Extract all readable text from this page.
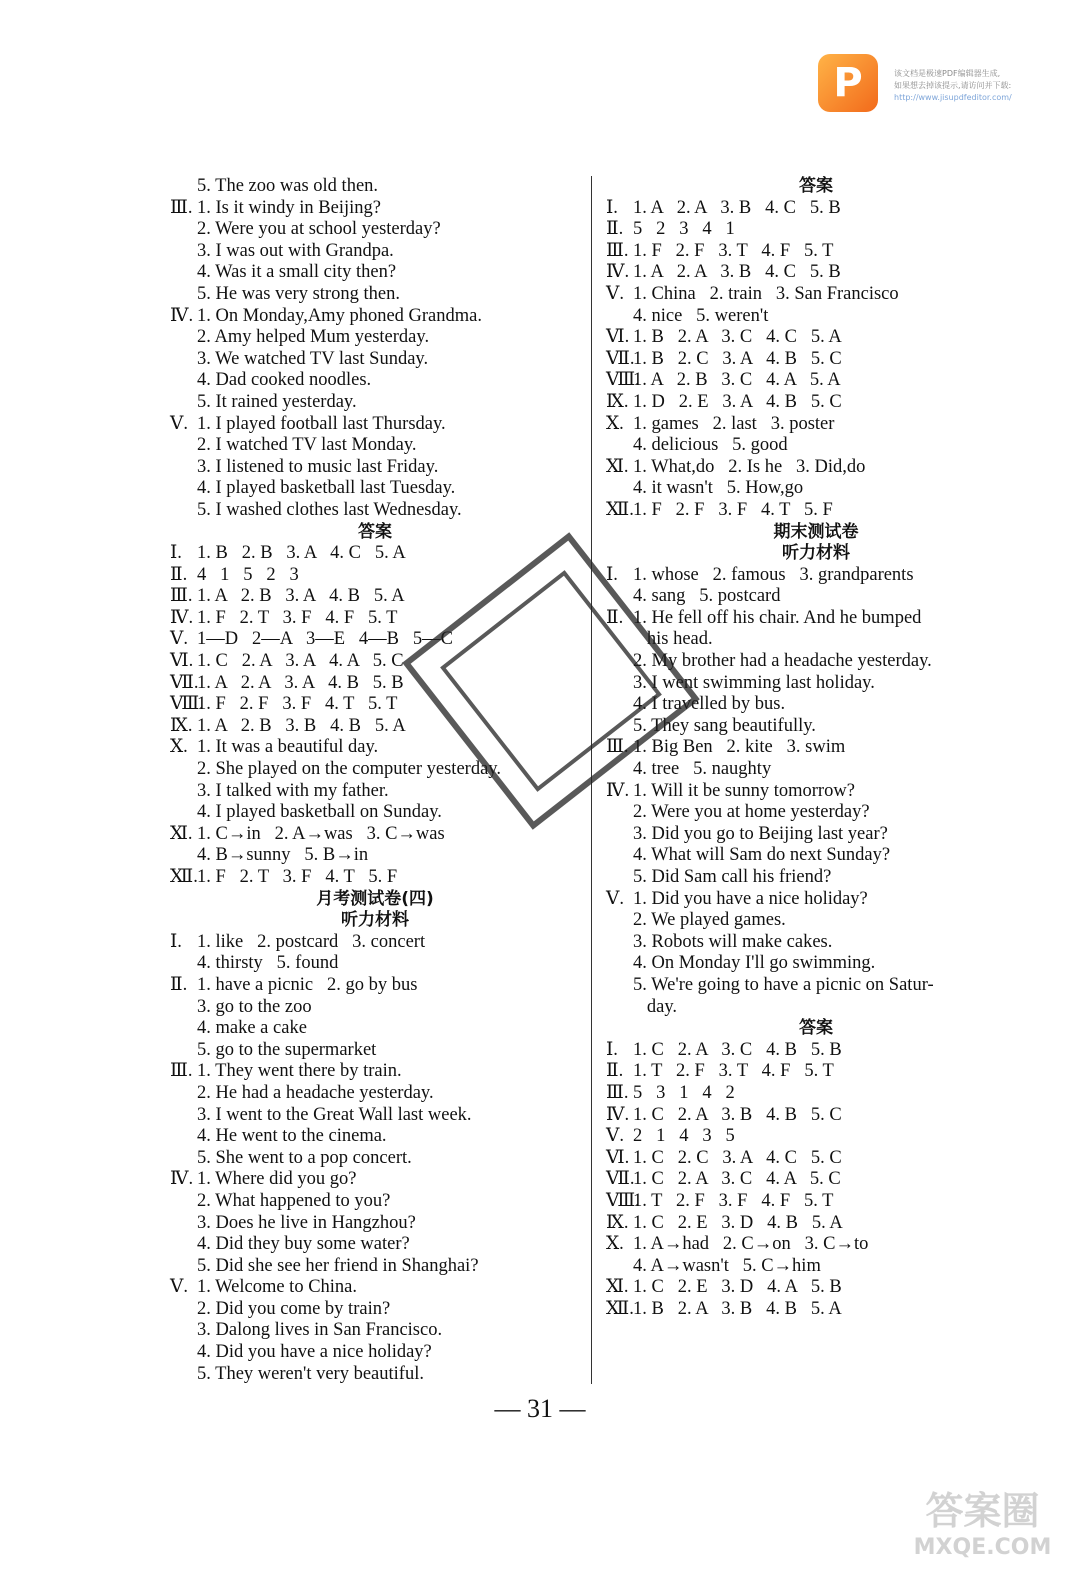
P	该文档是极速PDF编辑器生成,
如果想去掉该提示,请访问并下载:
http://www.jisupdfeditor.com/
5. The zoo was old then.
Ⅲ. 1. Is it windy in Beijing?
2. Were you at school yesterday?
3. I was out with Grandpa.
4. Was it a small city then?
5. He was very strong then.
Ⅳ. 1. On Monday,Amy phoned Grandma.
2. Amy helped Mum yesterday.
3. We watched TV last Sunday.
4. Dad cooked noodles.
5. It rained yesterday.
Ⅴ. 1. I played football last Thursday.
2. I watched TV last Monday.
3. I listened to music last Friday.
4. I played basketball last Tuesday.
5. I washed clothes last Wednesday.
答案
Ⅰ. 1. B   2. B   3. A   4. C   5. A
Ⅱ. 4   1   5   2   3
Ⅲ. 1. A   2. B   3. A   4. B   5. A
Ⅳ. 1. F   2. T   3. F   4. F   5. T
Ⅴ. 1—D   2—A   3—E   4—B   5—C
Ⅵ. 1. C   2. A   3. A   4. A   5. C
Ⅶ.1. A   2. A   3. A   4. B   5. B
Ⅷ.1. F   2. F   3. F   4. T   5. T
Ⅸ. 1. A   2. B   3. B   4. B   5. A
Ⅹ. 1. It was a beautiful day.
2. She played on the computer yesterday.
3. I talked with my father.
4. I played basketball on Sunday.
Ⅺ. 1. C→in   2. A→was   3. C→was
4. B→sunny   5. B→in
Ⅻ.1. F   2. T   3. F   4. T   5. F
月考测试卷(四)
听力材料
Ⅰ. 1. like   2. postcard   3. concert
4. thirsty   5. found
Ⅱ. 1. have a picnic   2. go by bus
3. go to the zoo
4. make a cake
5. go to the supermarket
Ⅲ. 1. They went there by train.
2. He had a headache yesterday.
3. I went to the Great Wall last week.
4. He went to the cinema.
5. She went to a pop concert.
Ⅳ. 1. Where did you go?
2. What happened to you?
3. Does he live in Hangzhou?
4. Did they buy some water?
5. Did she see her friend in Shanghai?
Ⅴ. 1. Welcome to China.
2. Did you come by train?
3. Dalong lives in San Francisco.
4. Did you have a nice holiday?
5. They weren't very beautiful.
答案
Ⅰ. 1. A   2. A   3. B   4. C   5. B
Ⅱ. 5   2   3   4   1
Ⅲ. 1. F   2. F   3. T   4. F   5. T
Ⅳ. 1. A   2. A   3. B   4. C   5. B
Ⅴ. 1. China   2. train   3. San Francisco
4. nice   5. weren't
Ⅵ. 1. B   2. A   3. C   4. C   5. A
Ⅶ.1. B   2. C   3. A   4. B   5. C
Ⅷ.1. A   2. B   3. C   4. A   5. A
Ⅸ. 1. D   2. E   3. A   4. B   5. C
Ⅹ. 1. games   2. last   3. poster
4. delicious   5. good
Ⅺ. 1. What,do   2. Is he   3. Did,do
4. it wasn't   5. How,go
Ⅻ.1. F   2. F   3. F   4. T   5. F
期末测试卷
听力材料
Ⅰ. 1. whose   2. famous   3. grandparents
4. sang   5. postcard
Ⅱ. 1. He fell off his chair. And he bumped
his head.
2. My brother had a headache yesterday.
3. I went swimming last holiday.
4. I travelled by bus.
5. They sang beautifully.
Ⅲ. 1. Big Ben   2. kite   3. swim
4. tree   5. naughty
Ⅳ. 1. Will it be sunny tomorrow?
2. Were you at home yesterday?
3. Did you go to Beijing last year?
4. What will Sam do next Sunday?
5. Did Sam call his friend?
Ⅴ. 1. Did you have a nice holiday?
2. We played games.
3. Robots will make cakes.
4. On Monday I'll go swimming.
5. We're going to have a picnic on Satur-
day.
答案
Ⅰ. 1. C   2. A   3. C   4. B   5. B
Ⅱ. 1. T   2. F   3. T   4. F   5. T
Ⅲ. 5   3   1   4   2
Ⅳ. 1. C   2. A   3. B   4. B   5. C
Ⅴ. 2   1   4   3   5
Ⅵ. 1. C   2. C   3. A   4. C   5. C
Ⅶ.1. C   2. A   3. C   4. A   5. C
Ⅷ.1. T   2. F   3. F   4. F   5. T
Ⅸ. 1. C   2. E   3. D   4. B   5. A
Ⅹ. 1. A→had   2. C→on   3. C→to
4. A→wasn't   5. C→him
Ⅺ. 1. C   2. E   3. D   4. A   5. B
Ⅻ.1. B   2. A   3. B   4. B   5. A
— 31 —
答案圈
MXQE.COM
